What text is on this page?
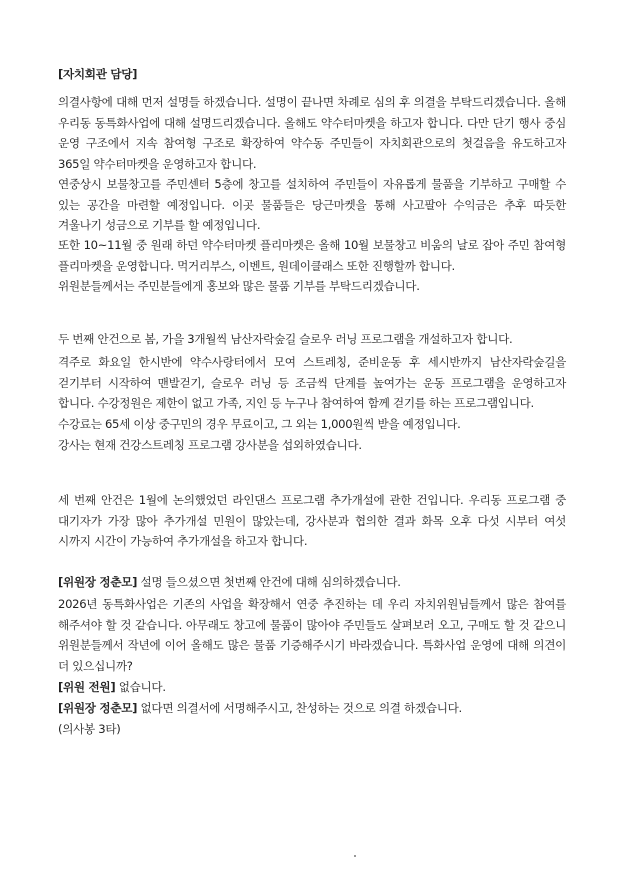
[자치회관 담당]
의결사항에 대해 먼저 설명들 하겠습니다. 설명이 끝나면 차례로 심의 후 의결을 부탁드리겠습니다. 올해 우리동 동특화사업에 대해 설명드리겠습니다. 올해도 약수터마켓을 하고자 합니다. 다만 단기 행사 중심 운영 구조에서 지속 참여형 구조로 확장하여 약수동 주민들이 자치회관으로의 첫걸음을 유도하고자 365일 약수터마켓을 운영하고자 합니다.
연중상시 보물창고를 주민센터 5층에 창고를 설치하여 주민들이 자유롭게 물품을 기부하고 구매할 수 있는 공간을 마련할 예정입니다. 이곳 물품들은 당근마켓을 통해 사고팔아 수익금은 추후 따듯한 겨울나기 성금으로 기부를 할 예정입니다.
또한 10~11월 중 원래 하던 약수터마켓 플리마켓은 올해 10월 보물창고 비움의 날로 잡아 주민 참여형 플리마켓을 운영합니다. 먹거리부스, 이벤트, 원데이클래스 또한 진행할까 합니다.
위원분들께서는 주민분들에게 홍보와 많은 물품 기부를 부탁드리겠습니다.
두 번째 안건으로 봄, 가을 3개월씩 남산자락숲길 슬로우 러닝 프로그램을 개설하고자 합니다.
격주로 화요일 한시반에 약수사랑터에서 모여 스트레칭, 준비운동 후 세시반까지 남산자락숲길을 걷기부터 시작하여 맨발걷기, 슬로우 러닝 등 조금씩 단계를 높여가는 운동 프로그램을 운영하고자 합니다. 수강정원은 제한이 없고 가족, 지인 등 누구나 참여하여 함께 걷기를 하는 프로그램입니다.
수강료는 65세 이상 중구민의 경우 무료이고, 그 외는 1,000원씩 받을 예정입니다.
강사는 현재 건강스트레칭 프로그램 강사분을 섭외하였습니다.
세 번째 안건은 1월에 논의했었던 라인댄스 프로그램 추가개설에 관한 건입니다. 우리동 프로그램 중 대기자가 가장 많아 추가개설 민원이 많았는데, 강사분과 협의한 결과 화목 오후 다섯 시부터 여섯 시까지 시간이 가능하여 추가개설을 하고자 합니다.
[위원장 정춘모] 설명 들으셨으면 첫번째 안건에 대해 심의하겠습니다.
2026년 동특화사업은 기존의 사업을 확장해서 연중 추진하는 데 우리 자치위원님들께서 많은 참여를 해주셔야 할 것 같습니다. 아무래도 창고에 물품이 많아야 주민들도 살펴보러 오고, 구매도 할 것 같으니 위원분들께서 작년에 이어 올해도 많은 물품 기증해주시기 바라겠습니다. 특화사업 운영에 대해 의견이 더 있으십니까?
[위원 전원] 없습니다.
[위원장 정춘모] 없다면 의결서에 서명해주시고, 찬성하는 것으로 의결 하겠습니다.
(의사봉 3타)
